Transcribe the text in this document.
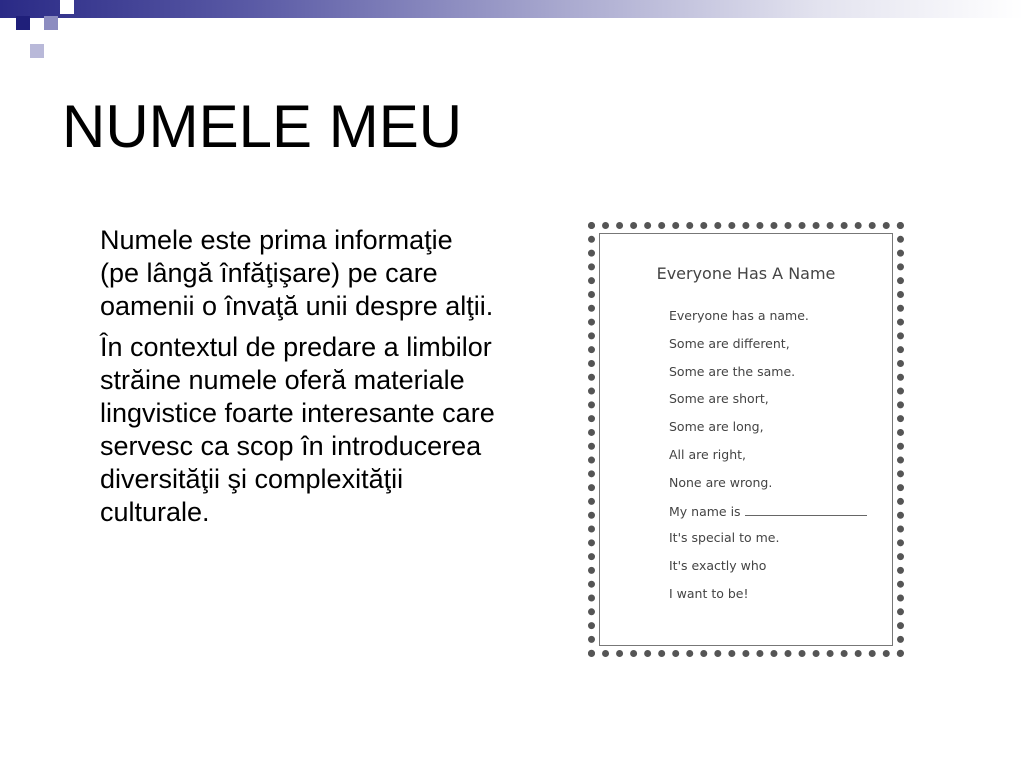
NUMELE MEU

Numele este prima informaţie (pe lângă înfăţişare) pe care oamenii o învaţă unii despre alţii.

În contextul de predare a limbilor străine numele oferă materiale lingvistice foarte interesante care servesc ca scop în introducerea diversităţii şi complexităţii culturale.

Everyone Has A Name
Everyone has a name.
Some are different,
Some are the same.
Some are short,
Some are long,
All are right,
None are wrong.
My name is
It's special to me.
It's exactly who
I want to be!
